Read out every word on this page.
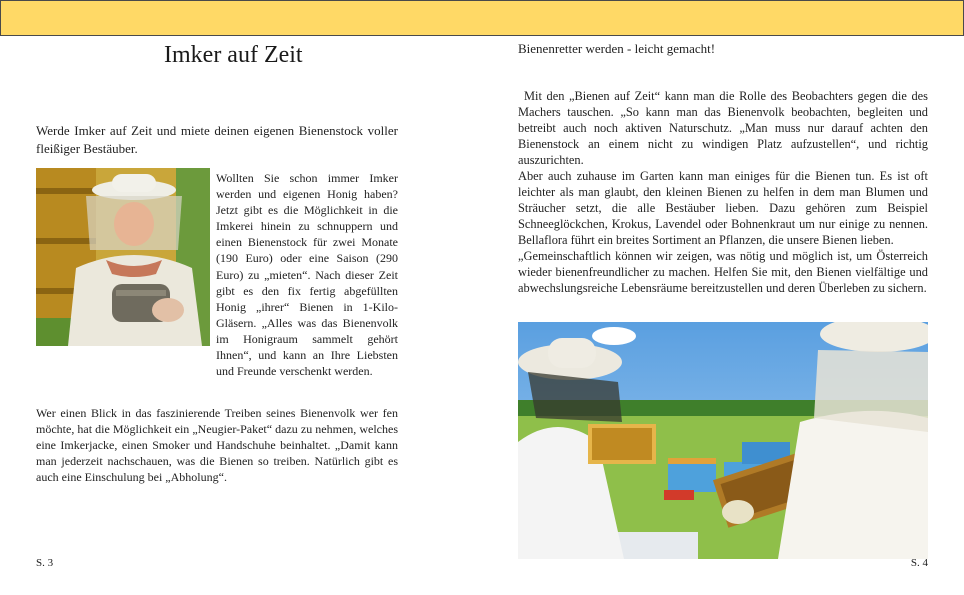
Imker auf Zeit
Werde Imker auf Zeit und miete deinen eigenen Bienenstock voller fleißiger Bestäuber.
Wollten Sie schon immer Imker werden und eigenen Honig haben? Jetzt gibt es die Möglichkeit in die Imkerei hinein zu schnuppern und einen Bienenstock für zwei Monate (190 Euro) oder eine Saison (290 Euro) zu „mieten“. Nach dieser Zeit gibt es den fix fertig abgefüllten Honig „ihrer“ Bienen in 1-Kilo-Gläsern. „Alles was das Bienenvolk im Honigraum sammelt gehört Ihnen“, und kann an Ihre Liebsten und Freunde verschenkt werden.
Wer einen Blick in das faszinierende Treiben seines Bienenvolk wer fen möchte, hat die Möglichkeit ein „Neugier-Paket“ dazu zu nehmen, welches eine Imkerjacke, einen Smoker und Handschuhe beinhaltet. „Damit kann man jederzeit nachschauen, was die Bienen so treiben. Natürlich gibt es auch eine Einschulung bei „Abholung“.
S. 3
Bienenretter werden - leicht gemacht!

Mit den „Bienen auf Zeit“ kann man die Rolle des Beobachters gegen die des Machers tauschen. „So kann man das Bienenvolk beobachten, begleiten und betreibt auch noch aktiven Naturschutz. „Man muss nur darauf achten den Bienenstock an einem nicht zu windigen Platz aufzustellen“, und richtig auszurichten.

Aber auch zuhause im Garten kann man einiges für die Bienen tun. Es ist oft leichter als man glaubt, den kleinen Bienen zu helfen in dem man Blumen und Sträucher setzt, die alle Bestäuber lieben. Dazu gehören zum Beispiel Schneeglöckchen, Krokus, Lavendel oder Bohnenkraut um nur einige zu nennen. Bellaflora führt ein breites Sortiment an Pflanzen, die unsere Bienen lieben.

„Gemeinschaftlich können wir zeigen, was nötig und möglich ist, um Österreich wieder bienenfreundlicher zu machen. Helfen Sie mit, den Bienen vielfältige und abwechslungsreiche Lebensräume bereitzustellen und deren Überleben zu sichern.

S. 4
